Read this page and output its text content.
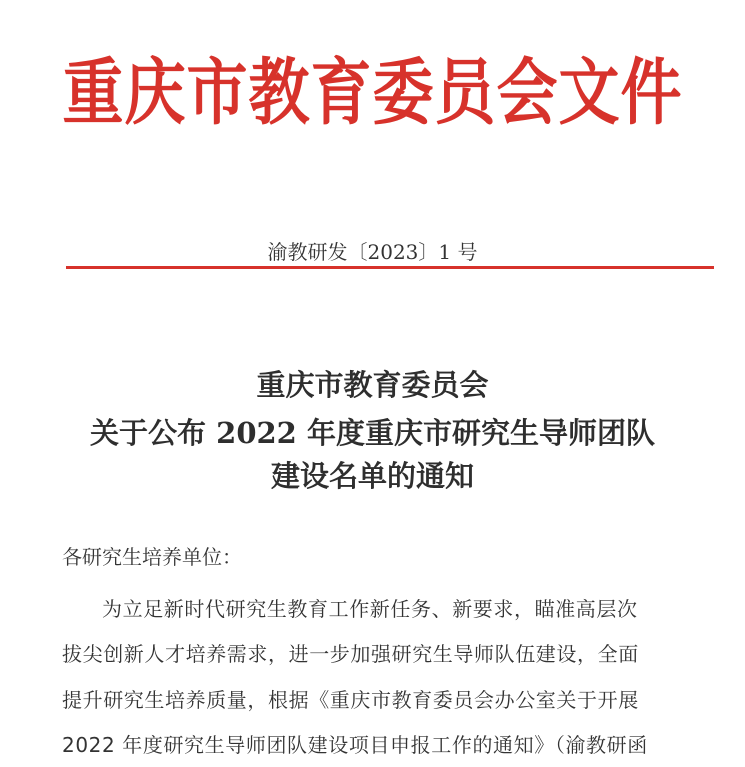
重庆市教育委员会文件
渝教研发〔2023〕1 号
重庆市教育委员会
关于公布 2022 年度重庆市研究生导师团队
建设名单的通知
各研究生培养单位：
为立足新时代研究生教育工作新任务、新要求，瞄准高层次
拔尖创新人才培养需求，进一步加强研究生导师队伍建设，全面
提升研究生培养质量，根据《重庆市教育委员会办公室关于开展
2022 年度研究生导师团队建设项目申报工作的通知》（渝教研函
